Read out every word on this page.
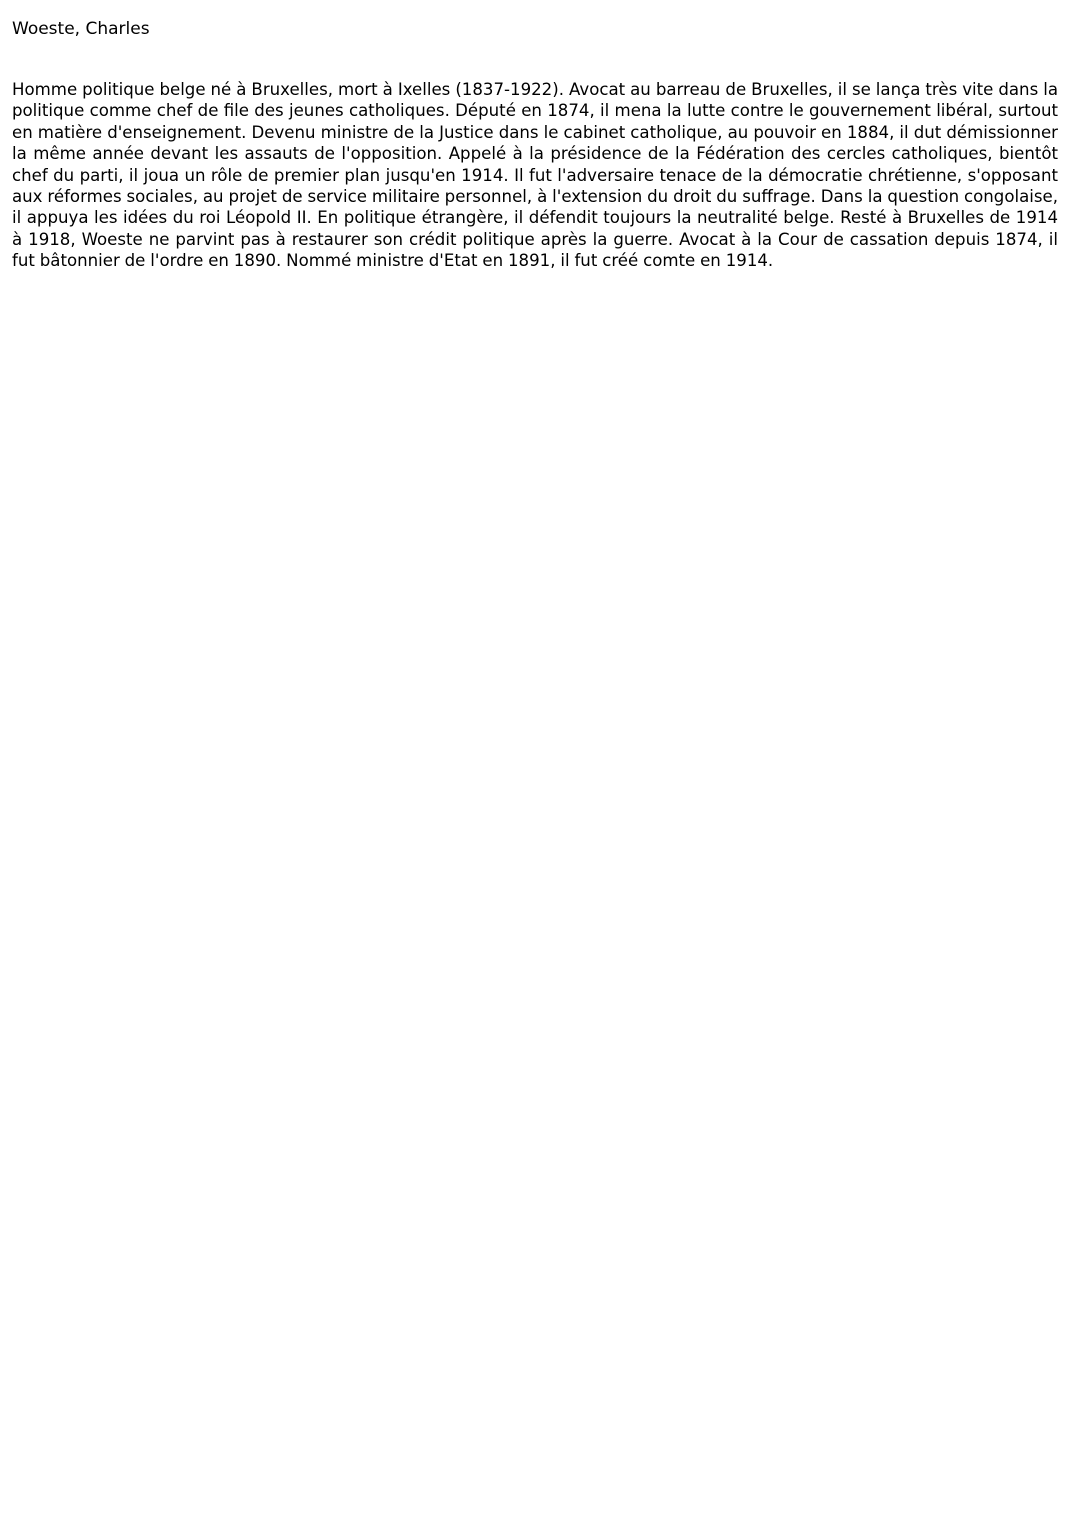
Woeste, Charles

Homme politique belge né à Bruxelles, mort à Ixelles (1837-1922). Avocat au barreau de Bruxelles, il se lança très vite dans la politique comme chef de file des jeunes catholiques. Député en 1874, il mena la lutte contre le gouvernement libéral, surtout en matière d'enseignement. Devenu ministre de la Justice dans le cabinet catholique, au pouvoir en 1884, il dut démissionner la même année devant les assauts de l'opposition. Appelé à la présidence de la Fédération des cercles catholiques, bientôt chef du parti, il joua un rôle de premier plan jusqu'en 1914. Il fut l'adversaire tenace de la démocratie chrétienne, s'opposant aux réformes sociales, au projet de service militaire personnel, à l'extension du droit du suffrage. Dans la question congolaise, il appuya les idées du roi Léopold II. En politique étrangère, il défendit toujours la neutralité belge. Resté à Bruxelles de 1914 à 1918, Woeste ne parvint pas à restaurer son crédit politique après la guerre. Avocat à la Cour de cassation depuis 1874, il fut bâtonnier de l'ordre en 1890. Nommé ministre d'Etat en 1891, il fut créé comte en 1914.
